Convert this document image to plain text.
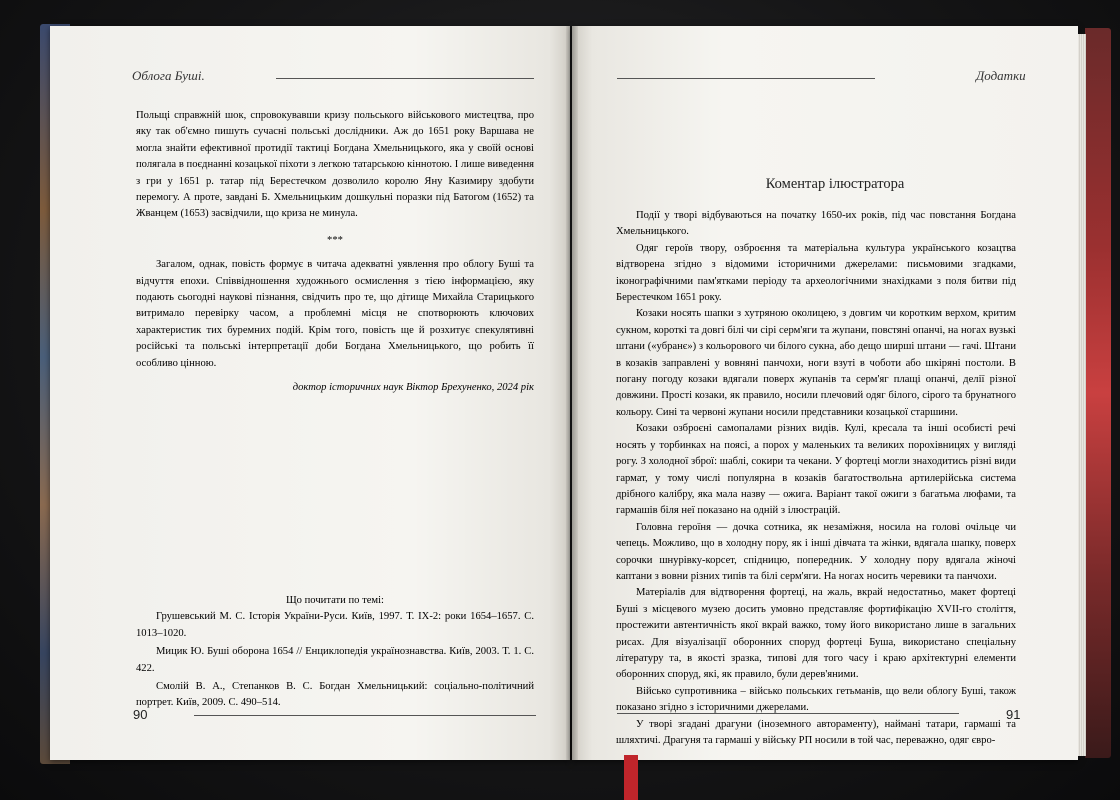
Облога Буші.

Польщі справжній шок, спровокувавши кризу польського військового мистецтва, про яку так об'ємно пишуть сучасні польські дослідники. Аж до 1651 року Варшава не могла знайти ефективної протидії тактиці Богдана Хмельницького, яка у своїй основі полягала в поєднанні козацької піхоти з легкою татарською кіннотою. І лише виведення з гри у 1651 р. татар під Берестечком дозволило королю Яну Казимиру здобути перемогу. А проте, завдані Б. Хмельницьким дошкульні поразки під Батогом (1652) та Жванцем (1653) засвідчили, що криза не минула.

***

Загалом, однак, повість формує в читача адекватні уявлення про облогу Буші та відчуття епохи. Співвідношення художнього осмислення з тією інформацією, яку подають сьогодні наукові пізнання, свідчить про те, що дітище Михайла Старицького витримало перевірку часом, а проблемні місця не спотворюють ключових характеристик тих буремних подій. Крім того, повість ще й розхитує спекулятивні російські та польські інтерпретації доби Богдана Хмельницького, що робить її особливо цінною.

доктор історичних наук Віктор Брехуненко, 2024 рік

Що почитати по темі:

Грушевський М. С. Історія України-Руси. Київ, 1997. Т. IX-2: роки 1654–1657. С. 1013–1020.

Мицик Ю. Буші оборона 1654 // Енциклопедія українознавства. Київ, 2003. Т. 1. С. 422.

Смолій В. А., Степанков В. С. Богдан Хмельницький: соціально-політичний портрет. Київ, 2009. С. 490–514.

90
Додатки
Коментар ілюстратора

Події у творі відбуваються на початку 1650-их років, під час повстання Богдана Хмельницького.

Одяг героїв твору, озброєння та матеріальна культура українського козацтва відтворена згідно з відомими історичними джерелами: письмовими згадками, іконографічними пам'ятками періоду та археологічними знахідками з поля битви під Берестечком 1651 року.

Козаки носять шапки з хутряною околицею, з довгим чи коротким верхом, критим сукном, короткі та довгі білі чи сірі серм'яги та жупани, повстяні опанчі, на ногах вузькі штани («убранє») з кольорового чи білого сукна, або дещо ширші штани — гачі. Штани в козаків заправлені у вовняні панчохи, ноги взуті в чоботи або шкіряні постоли. В погану погоду козаки вдягали поверх жупанів та серм'яг плащі опанчі, делії різної довжини. Прості козаки, як правило, носили плечовий одяг білого, сірого та брунатного кольору. Сині та червоні жупани носили представники козацької старшини.

Козаки озброєні самопалами різних видів. Кулі, кресала та інші особисті речі носять у торбинках на поясі, а порох у маленьких та великих порохівницях у вигляді рогу. З холодної зброї: шаблі, сокири та чекани. У фортеці могли знаходитись різні види гармат, у тому числі популярна в козаків багатоствольна артилерійська система дрібного калібру, яка мала назву — ожига. Варіант такої ожиги з багатьма люфами, та гармашів біля неї показано на одній з ілюстрацій.

Головна героїня — дочка сотника, як незаміжня, носила на голові очільце чи чепець. Можливо, що в холодну пору, як і інші дівчата та жінки, вдягала шапку, поверх сорочки шнурівку-корсет, спідницю, попередник. У холодну пору вдягала жіночі каптани з вовни різних типів та білі серм'яги. На ногах носить черевики та панчохи.

Матеріалів для відтворення фортеці, на жаль, вкрай недостатньо, макет фортеці Буші з місцевого музею досить умовно представляє фортифікацію XVII-го століття, простежити автентичність якої вкрай важко, тому його використано лише в загальних рисах. Для візуалізації оборонних споруд фортеці Буша, використано спеціальну літературу та, в якості зразка, типові для того часу і краю архітектурні елементи оборонних споруд, які, як правило, були дерев'яними.

Військо супротивника – військо польських гетьманів, що вели облогу Буші, також показано згідно з історичними джерелами.

У творі згадані драгуни (іноземного автораменту), наймані татари, гармаші та шляхтичі. Драгуня та гармаші у війську РП носили в той час, переважно, одяг євро-

91
